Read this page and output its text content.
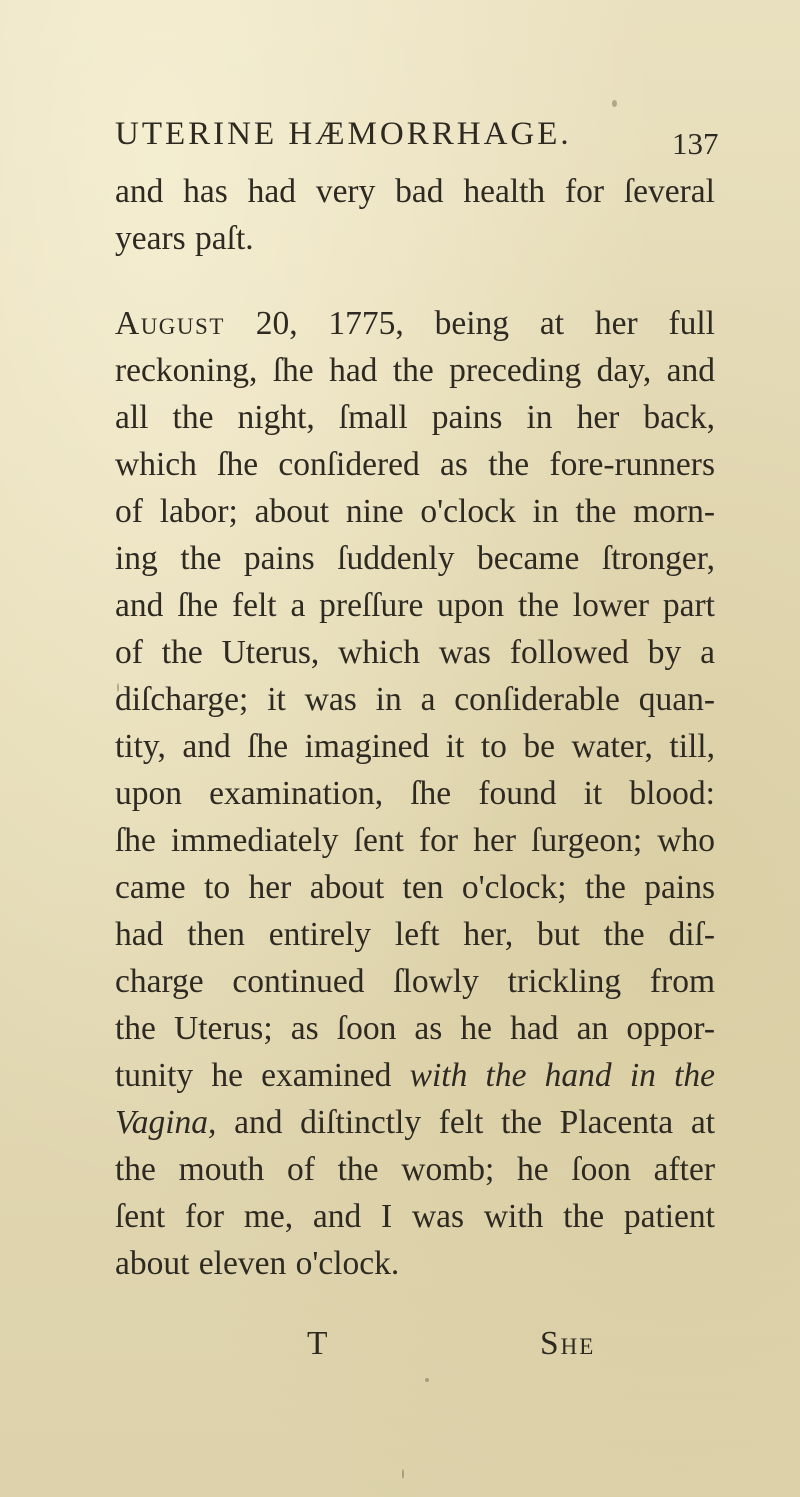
UTERINE HÆMORRHAGE.	137
and has had very bad health for ſeveral
years paſt.
August 20, 1775, being at her full
reckoning, ſhe had the preceding day, and
all the night, ſmall pains in her back,
which ſhe conſidered as the fore-runners
of labor; about nine o'clock in the morn-
ing the pains ſuddenly became ſtronger,
and ſhe felt a preſſure upon the lower part
of the Uterus, which was followed by a
diſcharge; it was in a conſiderable quan-
tity, and ſhe imagined it to be water, till,
upon examination, ſhe found it blood:
ſhe immediately ſent for her ſurgeon; who
came to her about ten o'clock; the pains
had then entirely left her, but the diſ-
charge continued ſlowly trickling from
the Uterus; as ſoon as he had an oppor-
tunity he examined with the hand in the
Vagina, and diſtinctly felt the Placenta at
the mouth of the womb; he ſoon after
ſent for me, and I was with the patient
about eleven o'clock.
T	She
